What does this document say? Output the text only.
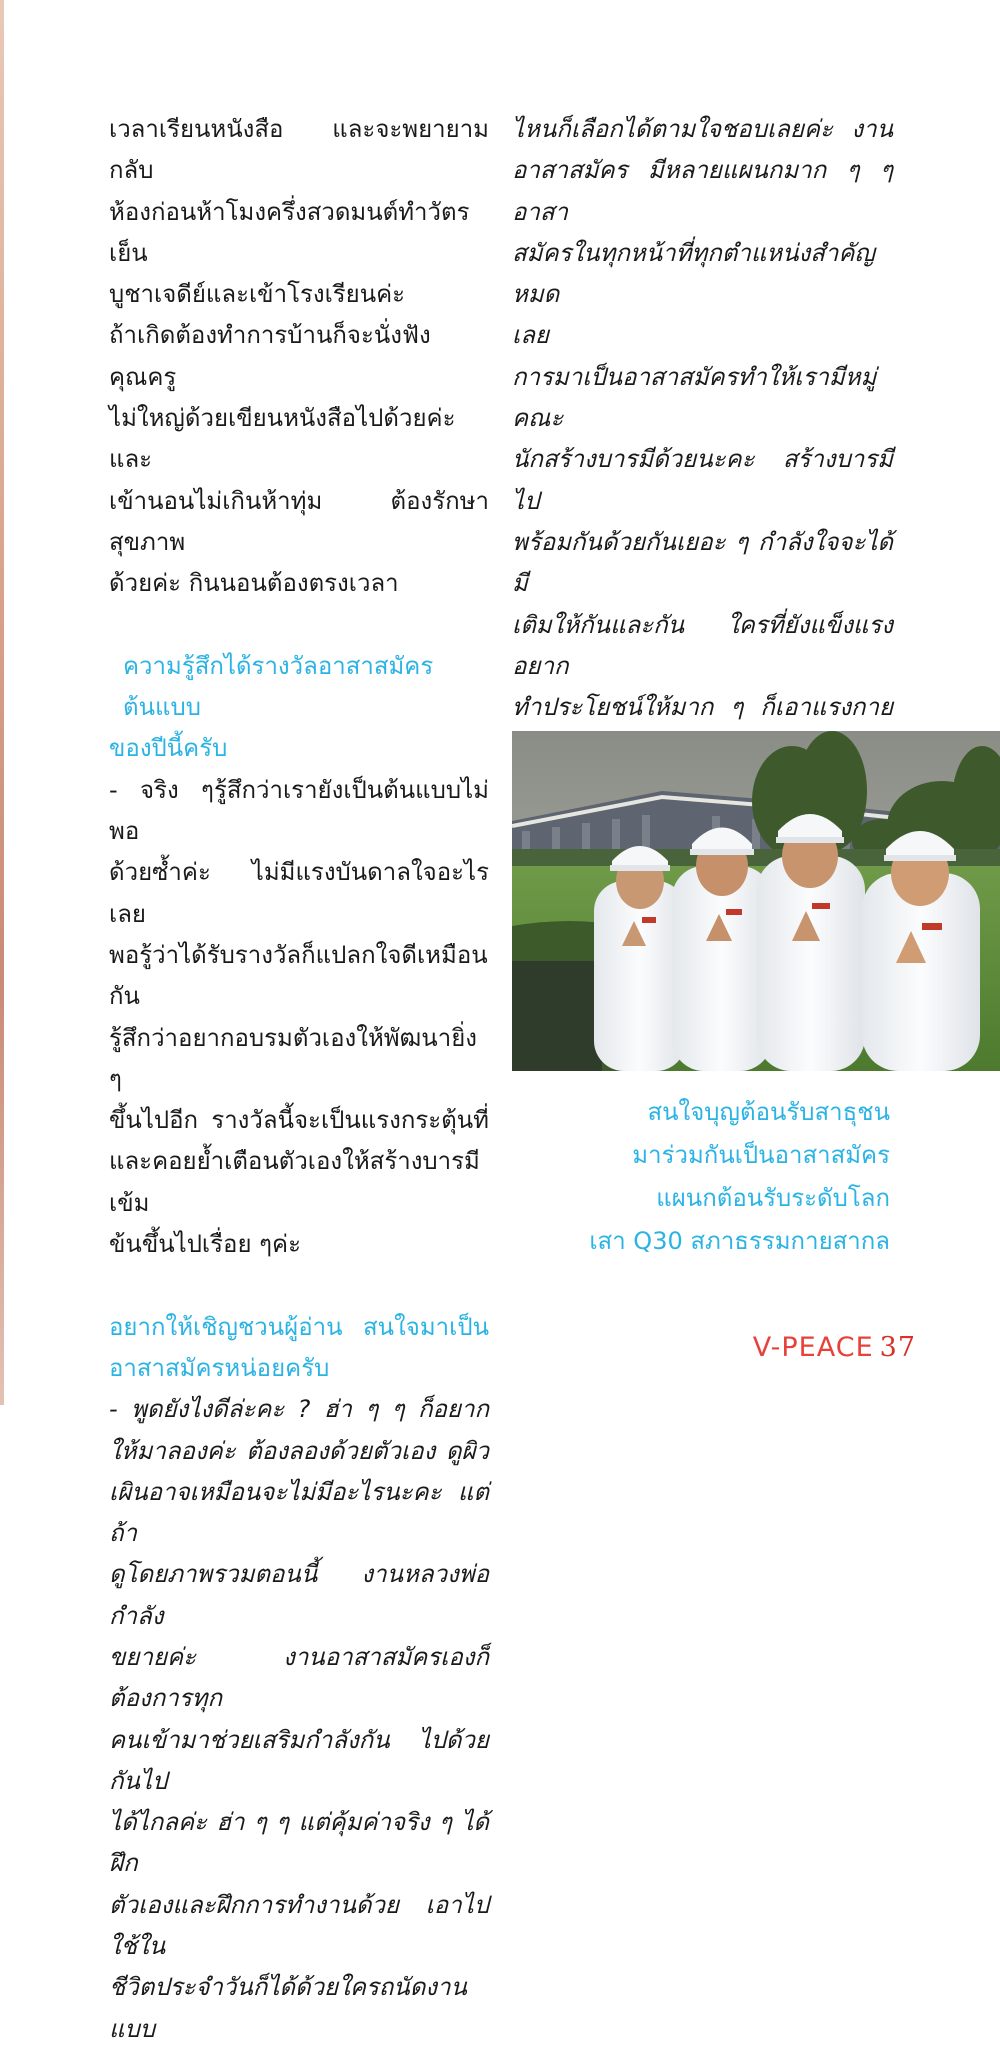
เวลาเรียนหนังสือ และจะพยายามกลับ
ห้องก่อนห้าโมงครึ่งสวดมนต์ทำวัตรเย็น
บูชาเจดีย์และเข้าโรงเรียนค่ะ

ถ้าเกิดต้องทำการบ้านก็จะนั่งฟังคุณครู
ไม่ใหญ่ด้วยเขียนหนังสือไปด้วยค่ะ และ
เข้านอนไม่เกินห้าทุ่ม ต้องรักษาสุขภาพ
ด้วยค่ะ กินนอนต้องตรงเวลา

ความรู้สึกได้รางวัลอาสาสมัครต้นแบบ
ของปีนี้ครับ

- จริง ๆรู้สึกว่าเรายังเป็นต้นแบบไม่พอ
ด้วยซ้ำค่ะ ไม่มีแรงบันดาลใจอะไรเลย
พอรู้ว่าได้รับรางวัลก็แปลกใจดีเหมือนกัน
รู้สึกว่าอยากอบรมตัวเองให้พัฒนายิ่ง ๆ
ขึ้นไปอีก รางวัลนี้จะเป็นแรงกระตุ้นที่
และคอยย้ำเตือนตัวเองให้สร้างบารมีเข้ม
ข้นขึ้นไปเรื่อย ๆค่ะ

อยากให้เชิญชวนผู้อ่าน สนใจมาเป็น
อาสาสมัครหน่อยครับ

- พูดยังไงดีล่ะคะ ? ฮ่า ๆ ๆ ก็อยาก
ให้มาลองค่ะ ต้องลองด้วยตัวเอง ดูผิว
เผินอาจเหมือนจะไม่มีอะไรนะคะ แต่ถ้า
ดูโดยภาพรวมตอนนี้ งานหลวงพ่อกำลัง
ขยายค่ะ งานอาสาสมัครเองก็ต้องการทุก
คนเข้ามาช่วยเสริมกำลังกัน ไปด้วยกันไป
ได้ไกลค่ะ ฮ่า ๆ ๆ แต่คุ้มค่าจริง ๆ ได้ฝึก
ตัวเองและฝึกการทำงานด้วย เอาไปใช้ใน
ชีวิตประจำวันก็ได้ด้วยใครถนัดงานแบบ

ไหนก็เลือกได้ตามใจชอบเลยค่ะ งาน
อาสาสมัคร มีหลายแผนกมาก ๆ ๆ อาสา
สมัครในทุกหน้าที่ทุกตำแหน่งสำคัญหมด
เลย

การมาเป็นอาสาสมัครทำให้เรามีหมู่คณะ
นักสร้างบารมีด้วยนะคะ สร้างบารมีไป
พร้อมกันด้วยกันเยอะ ๆ กำลังใจจะได้มี
เติมให้กันและกัน ใครที่ยังแข็งแรง อยาก
ทำประโยชน์ให้มาก ๆ ก็เอาแรงกาย

สนใจบุญต้อนรับสาธุชน
มาร่วมกันเป็นอาสาสมัคร
แผนกต้อนรับระดับโลก
เสา Q30 สภาธรรมกายสากล
V-PEACE 37
